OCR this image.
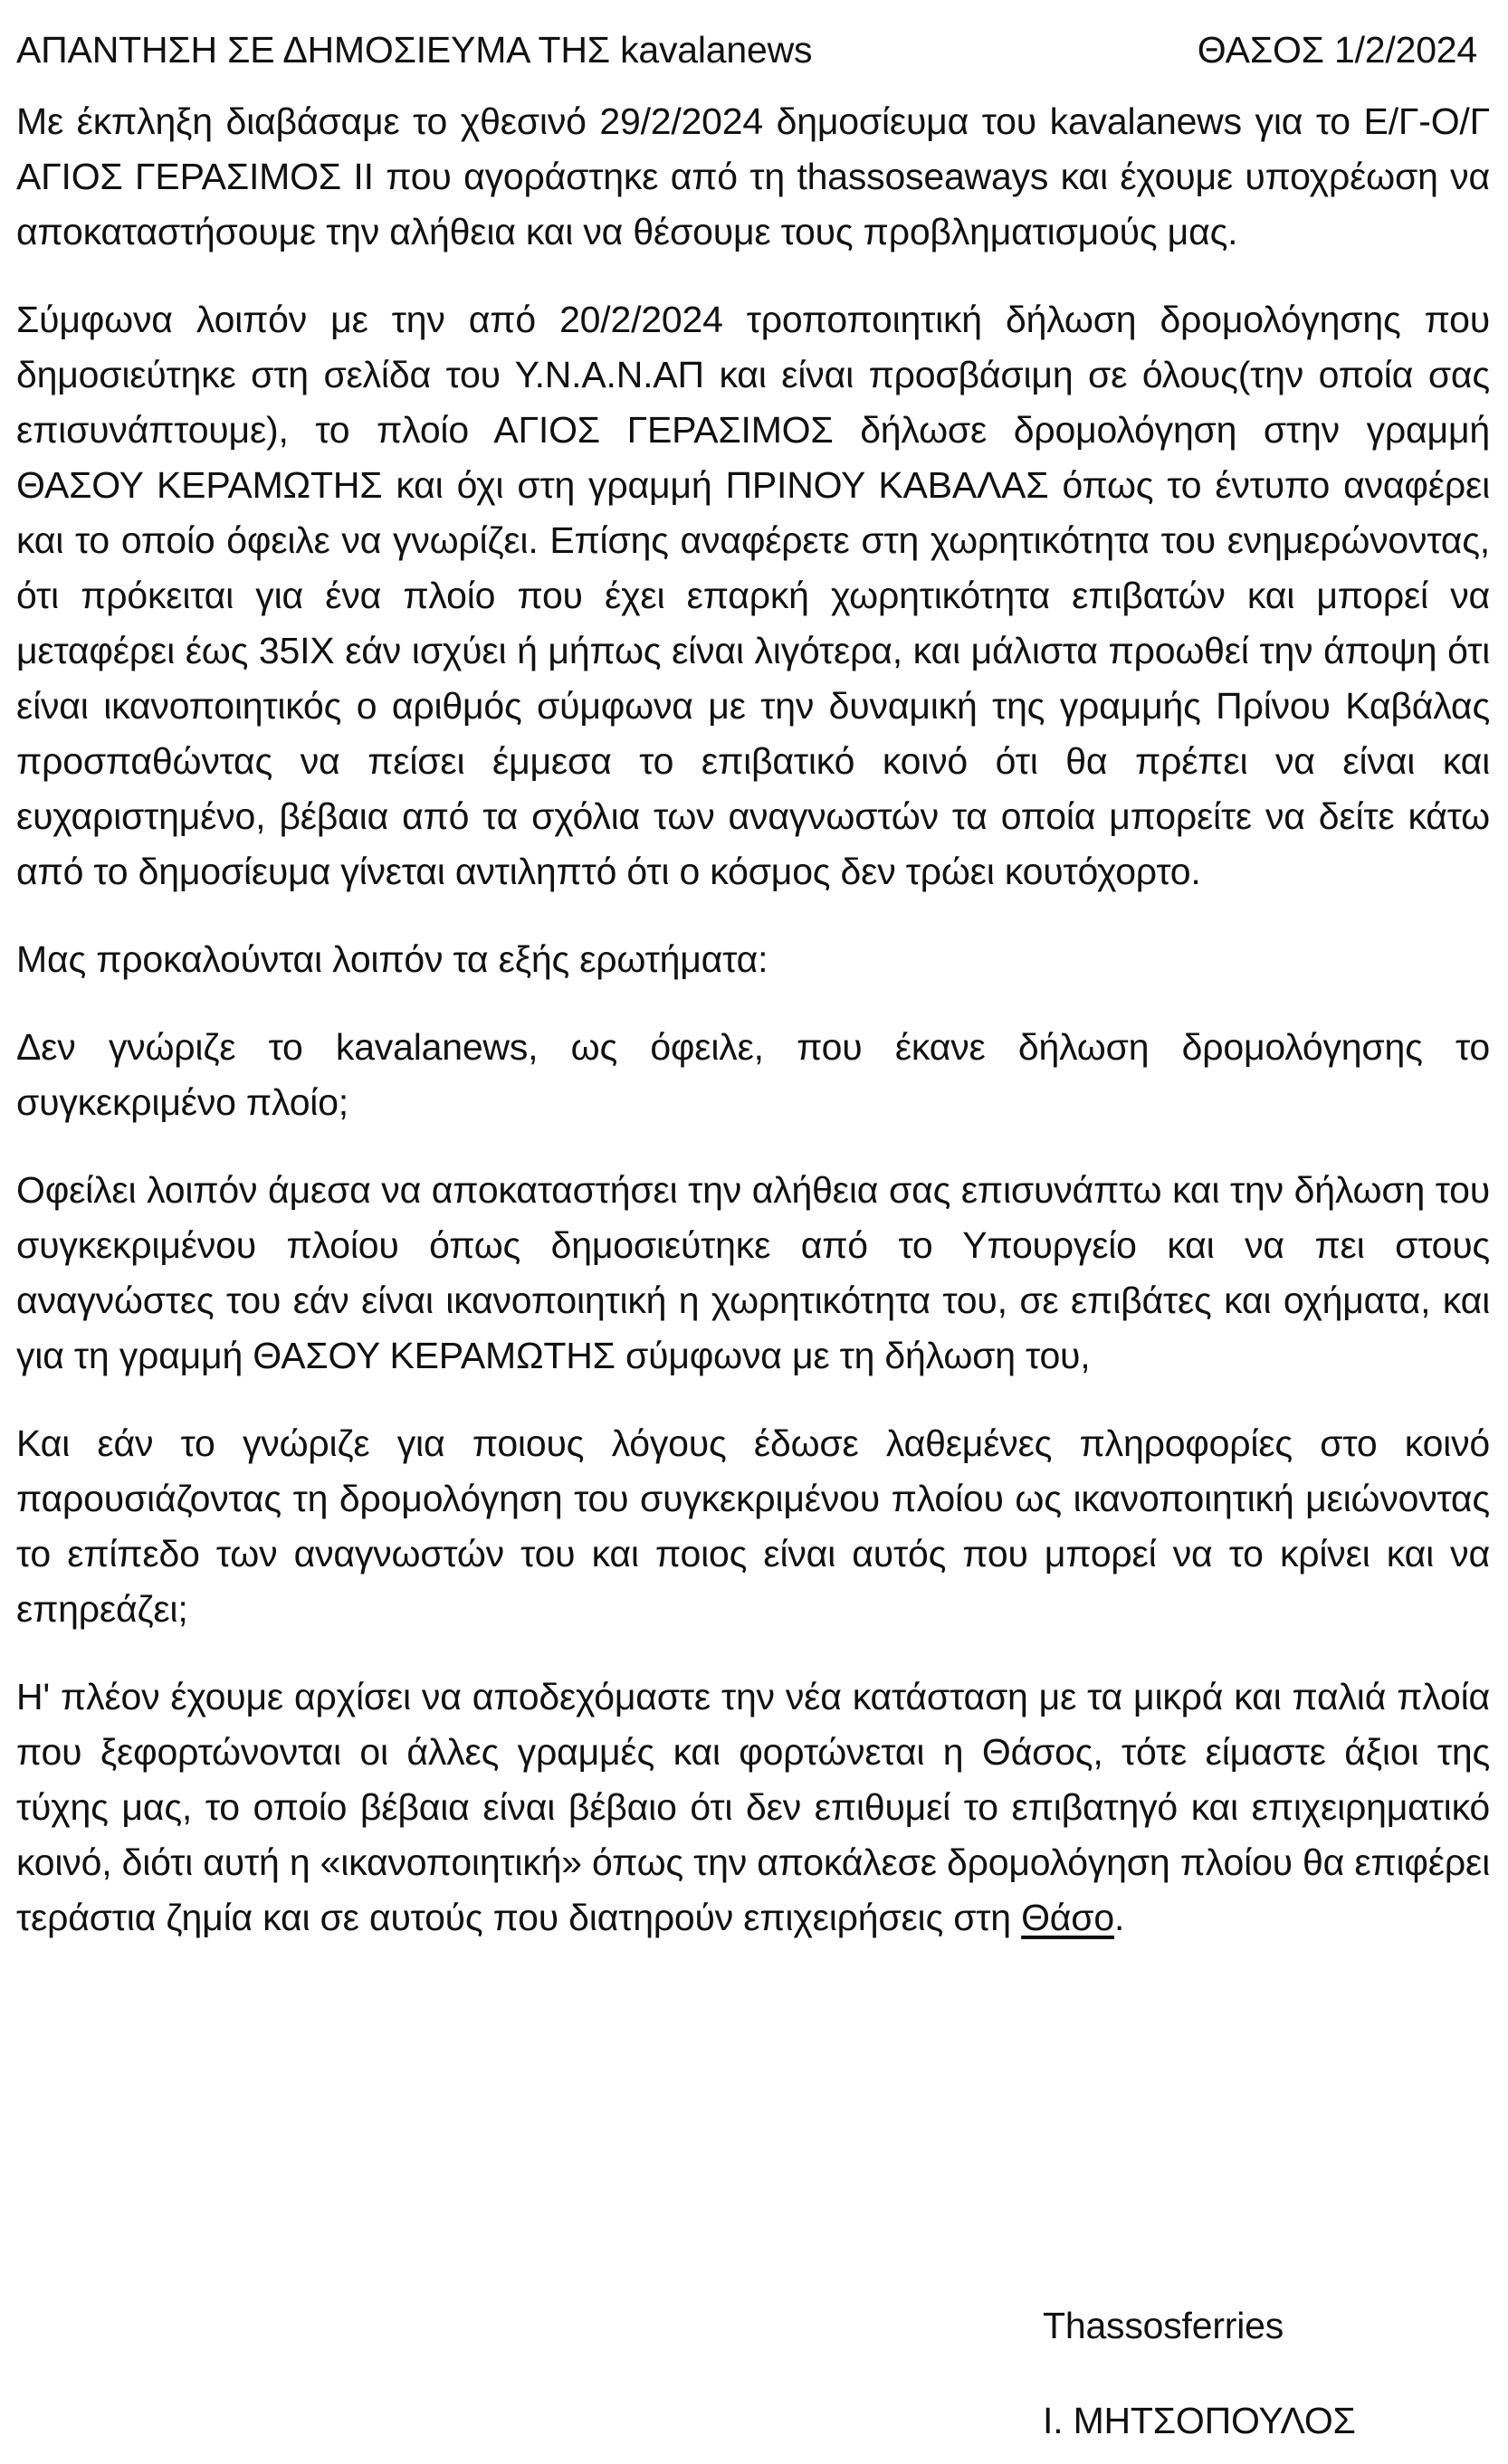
ΑΠΑΝΤΗΣΗ ΣΕ ΔΗΜΟΣΙΕΥΜΑ ΤΗΣ kavalanews	ΘΑΣΟΣ 1/2/2024

Με έκπληξη διαβάσαμε το χθεσινό 29/2/2024 δημοσίευμα του kavalanews για το Ε/Γ-Ο/Γ ΑΓΙΟΣ ΓΕΡΑΣΙΜΟΣ ΙΙ που αγοράστηκε από τη thassoseaways και έχουμε υποχρέωση να αποκαταστήσουμε την αλήθεια και να θέσουμε τους προβληματισμούς μας.

Σύμφωνα λοιπόν με την από 20/2/2024 τροποποιητική δήλωση δρομολόγησης που δημοσιεύτηκε στη σελίδα του Υ.Ν.Α.Ν.ΑΠ και είναι προσβάσιμη σε όλους(την οποία σας επισυνάπτουμε), το πλοίο ΑΓΙΟΣ ΓΕΡΑΣΙΜΟΣ δήλωσε δρομολόγηση στην γραμμή ΘΑΣΟΥ ΚΕΡΑΜΩΤΗΣ και όχι στη γραμμή ΠΡΙΝΟΥ ΚΑΒΑΛΑΣ όπως το έντυπο αναφέρει και το οποίο όφειλε να γνωρίζει. Επίσης αναφέρετε στη χωρητικότητα του ενημερώνοντας, ότι πρόκειται για ένα πλοίο που έχει επαρκή χωρητικότητα επιβατών και μπορεί να μεταφέρει έως 35ΙΧ εάν ισχύει ή μήπως είναι λιγότερα, και μάλιστα προωθεί την άποψη ότι είναι ικανοποιητικός ο αριθμός σύμφωνα με την δυναμική της γραμμής Πρίνου Καβάλας προσπαθώντας να πείσει έμμεσα το επιβατικό κοινό ότι θα πρέπει να είναι και ευχαριστημένο, βέβαια από τα σχόλια των αναγνωστών τα οποία μπορείτε να δείτε κάτω από το δημοσίευμα γίνεται αντιληπτό ότι ο κόσμος δεν τρώει κουτόχορτο.

Μας προκαλούνται λοιπόν τα εξής ερωτήματα:

Δεν γνώριζε το kavalanews, ως όφειλε, που έκανε δήλωση δρομολόγησης το συγκεκριμένο πλοίο;

Οφείλει λοιπόν άμεσα να αποκαταστήσει την αλήθεια σας επισυνάπτω και την δήλωση του συγκεκριμένου πλοίου όπως δημοσιεύτηκε από το Υπουργείο και να πει στους αναγνώστες του εάν είναι ικανοποιητική η χωρητικότητα του, σε επιβάτες και οχήματα, και για τη γραμμή ΘΑΣΟΥ ΚΕΡΑΜΩΤΗΣ σύμφωνα με τη δήλωση του,

Και εάν το γνώριζε για ποιους λόγους έδωσε λαθεμένες πληροφορίες στο κοινό παρουσιάζοντας τη δρομολόγηση του συγκεκριμένου πλοίου ως ικανοποιητική μειώνοντας το επίπεδο των αναγνωστών του και ποιος είναι αυτός που μπορεί να το κρίνει και να επηρεάζει;

Η' πλέον έχουμε αρχίσει να αποδεχόμαστε την νέα κατάσταση με τα μικρά και παλιά πλοία που ξεφορτώνονται οι άλλες γραμμές και φορτώνεται η Θάσος, τότε είμαστε άξιοι της τύχης μας, το οποίο βέβαια είναι βέβαιο ότι δεν επιθυμεί το επιβατηγό και επιχειρηματικό κοινό, διότι αυτή η «ικανοποιητική» όπως την αποκάλεσε δρομολόγηση πλοίου θα επιφέρει τεράστια ζημία και σε αυτούς που διατηρούν επιχειρήσεις στη Θάσο.

Thassosferries
Ι. ΜΗΤΣΟΠΟΥΛΟΣ
